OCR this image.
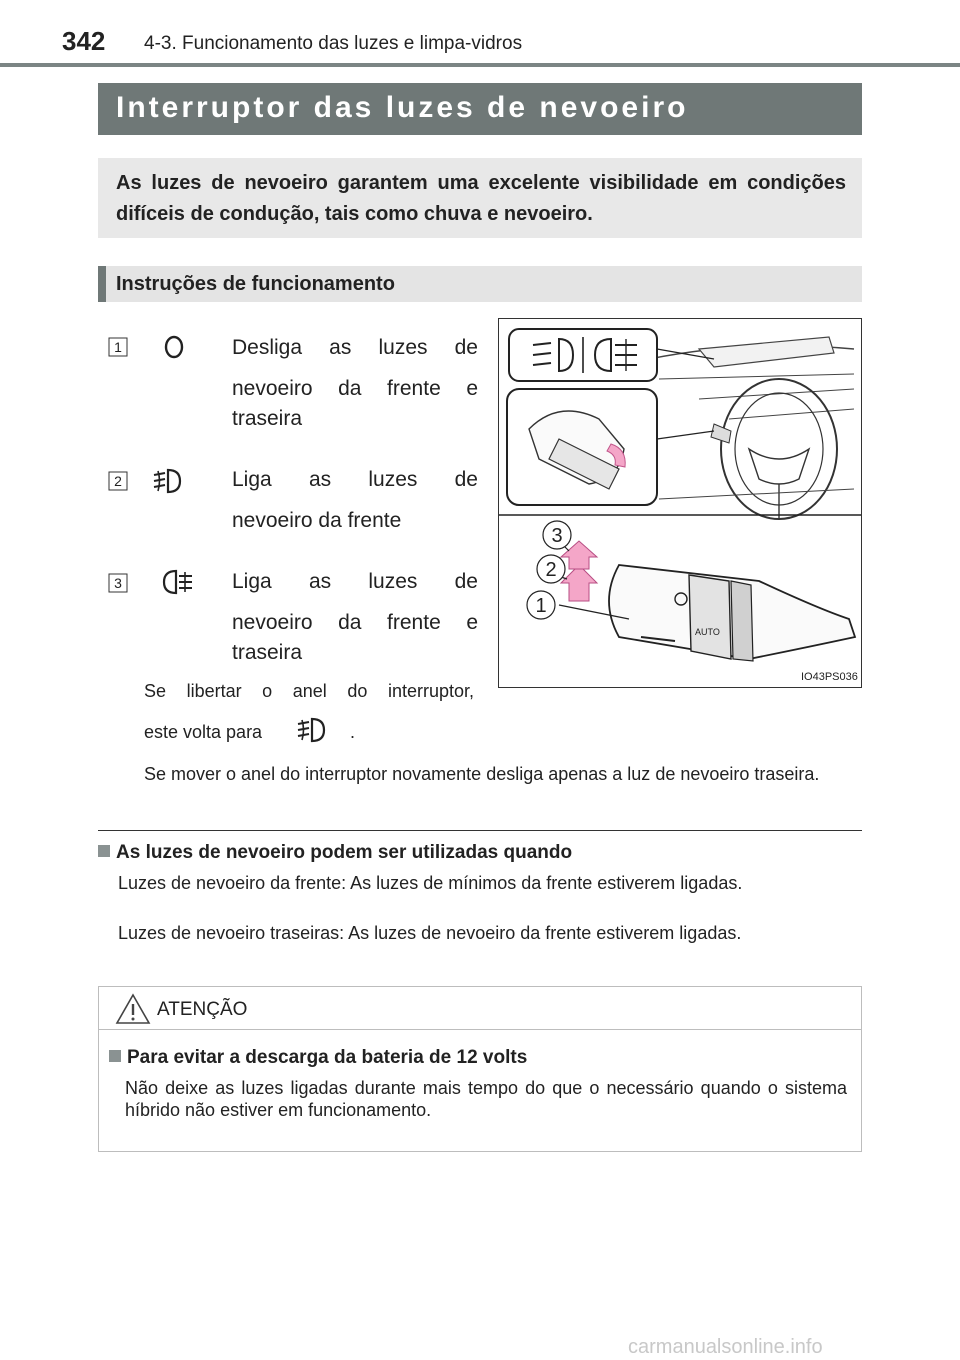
342 4-3. Funcionamento das luzes e limpa-vidros
Interruptor das luzes de nevoeiro
As luzes de nevoeiro garantem uma excelente visibilidade em condições difíceis de condução, tais como chuva e nevoeiro.
Instruções de funcionamento
1	Desliga as luzes de
nevoeiro da frente e traseira
2	Liga as luzes de
nevoeiro da frente
3	Liga as luzes de
nevoeiro da frente e traseira
Se libertar o anel do interruptor,
este volta para	.
Se mover o anel do interruptor novamente desliga apenas a luz de nevoeiro traseira.
AUTO
1
2
3
IO43PS036
As luzes de nevoeiro podem ser utilizadas quando
Luzes de nevoeiro da frente: As luzes de mínimos da frente estiverem ligadas.
Luzes de nevoeiro traseiras: As luzes de nevoeiro da frente estiverem ligadas.
ATENÇÃO
Para evitar a descarga da bateria de 12 volts
Não deixe as luzes ligadas durante mais tempo do que o necessário quando o sistema híbrido não estiver em funcionamento.
carmanualsonline.info
